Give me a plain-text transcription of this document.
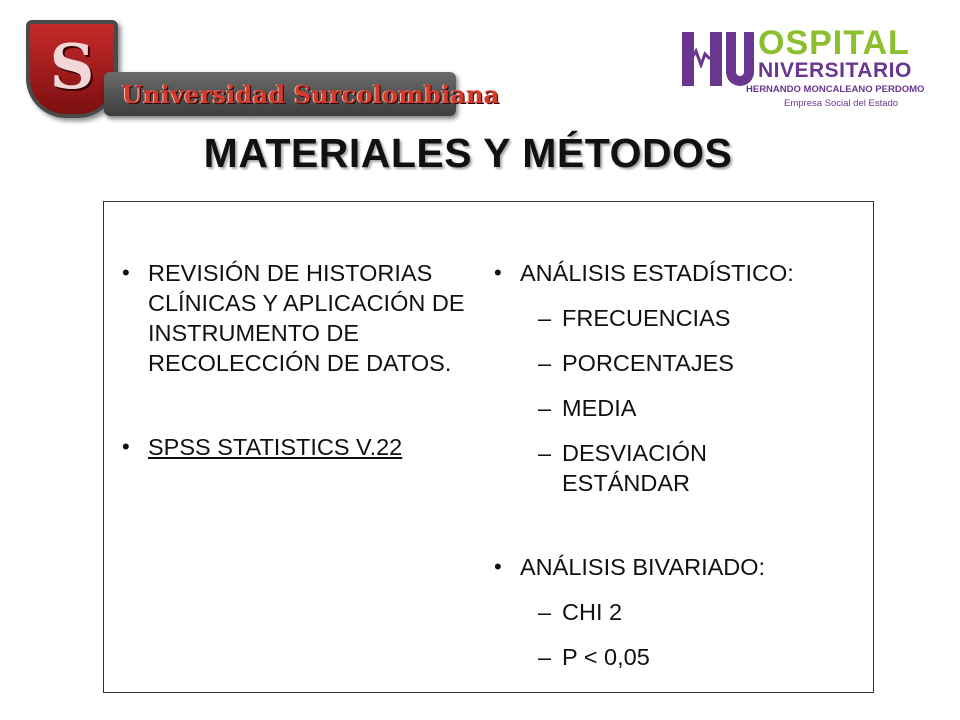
S Universidad Surcolombiana
OSPITAL
NIVERSITARIO
HERNANDO MONCALEANO PERDOMO
Empresa Social del Estado
MATERIALES Y MÉTODOS
• REVISIÓN DE HISTORIAS CLÍNICAS Y APLICACIÓN DE INSTRUMENTO DE RECOLECCIÓN DE DATOS.
• SPSS STATISTICS V.22
• ANÁLISIS ESTADÍSTICO:
– FRECUENCIAS
– PORCENTAJES
– MEDIA
– DESVIACIÓN ESTÁNDAR
• ANÁLISIS BIVARIADO:
– CHI 2
– P < 0,05
